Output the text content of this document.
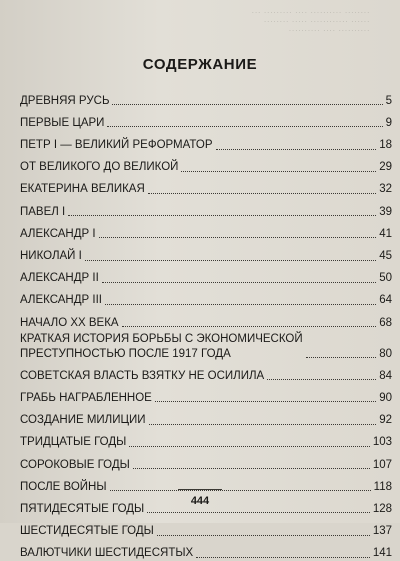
··· ········· ···· ·········· ········
········ ····· ············ ······
·········· ···· ··········
СОДЕРЖАНИЕ
ДРЕВНЯЯ РУСЬ	5
ПЕРВЫЕ ЦАРИ	9
ПЕТР I — ВЕЛИКИЙ РЕФОРМАТОР	18
ОТ ВЕЛИКОГО ДО ВЕЛИКОЙ	29
ЕКАТЕРИНА ВЕЛИКАЯ	32
ПАВЕЛ I	39
АЛЕКСАНДР I	41
НИКОЛАЙ I	45
АЛЕКСАНДР II	50
АЛЕКСАНДР III	64
НАЧАЛО XX ВЕКА	68
КРАТКАЯ ИСТОРИЯ БОРЬБЫ С ЭКОНОМИЧЕСКОЙ
ПРЕСТУПНОСТЬЮ ПОСЛЕ 1917 ГОДА	80
СОВЕТСКАЯ ВЛАСТЬ ВЗЯТКУ НЕ ОСИЛИЛА	84
ГРАБЬ НАГРАБЛЕННОЕ	90
СОЗДАНИЕ МИЛИЦИИ	92
ТРИДЦАТЫЕ ГОДЫ	103
СОРОКОВЫЕ ГОДЫ	107
ПОСЛЕ ВОЙНЫ	118
ПЯТИДЕСЯТЫЕ ГОДЫ	128
ШЕСТИДЕСЯТЫЕ ГОДЫ	137
ВАЛЮТЧИКИ ШЕСТИДЕСЯТЫХ	141
444
